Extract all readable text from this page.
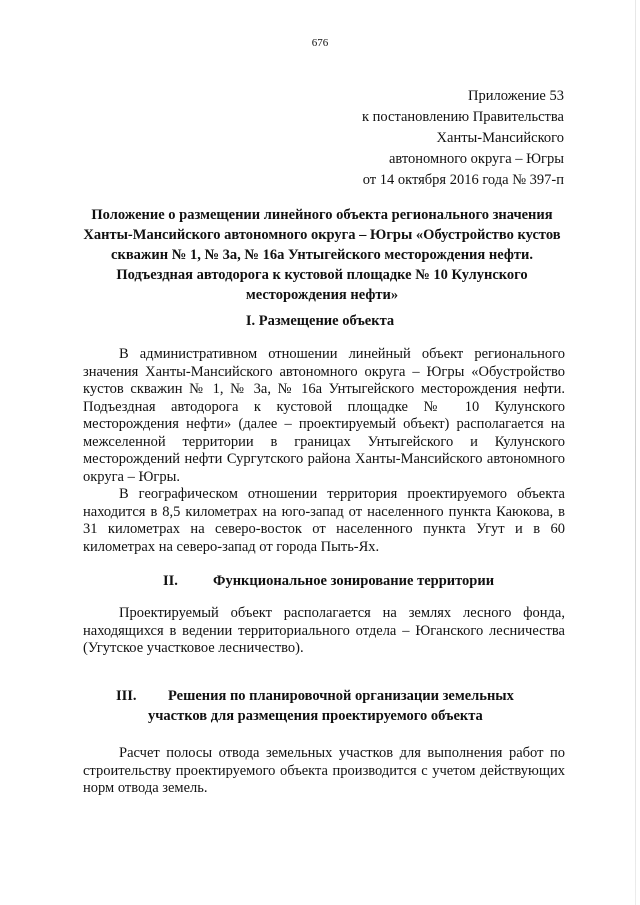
676
Приложение 53
к постановлению Правительства
Ханты-Мансийского
автономного округа – Югры
от 14 октября 2016 года № 397-п
Положение о размещении линейного объекта регионального значения Ханты-Мансийского автономного округа – Югры «Обустройство кустов скважин № 1, № 3а, № 16а Унтыгейского месторождения нефти. Подъездная автодорога к кустовой площадке № 10 Кулунского месторождения нефти»
I. Размещение объекта
В административном отношении линейный объект регионального значения Ханты-Мансийского автономного округа – Югры «Обустройство кустов скважин № 1, № 3а, № 16а Унтыгейского месторождения нефти. Подъездная автодорога к кустовой площадке № 10 Кулунского месторождения нефти» (далее – проектируемый объект) располагается на межселенной территории в границах Унтыгейского и Кулунского месторождений нефти Сургутского района Ханты-Мансийского автономного округа – Югры.
В географическом отношении территория проектируемого объекта находится в 8,5 километрах на юго-запад от населенного пункта Каюкова, в 31 километрах на северо-восток от населенного пункта Угут и в 60 километрах на северо-запад от города Пыть-Ях.
II. Функциональное зонирование территории
Проектируемый объект располагается на землях лесного фонда, находящихся в ведении территориального отдела – Юганского лесничества (Угутское участковое лесничество).
III. Решения по планировочной организации земельных
участков для размещения проектируемого объекта
Расчет полосы отвода земельных участков для выполнения работ по строительству проектируемого объекта производится с учетом действующих норм отвода земель.
